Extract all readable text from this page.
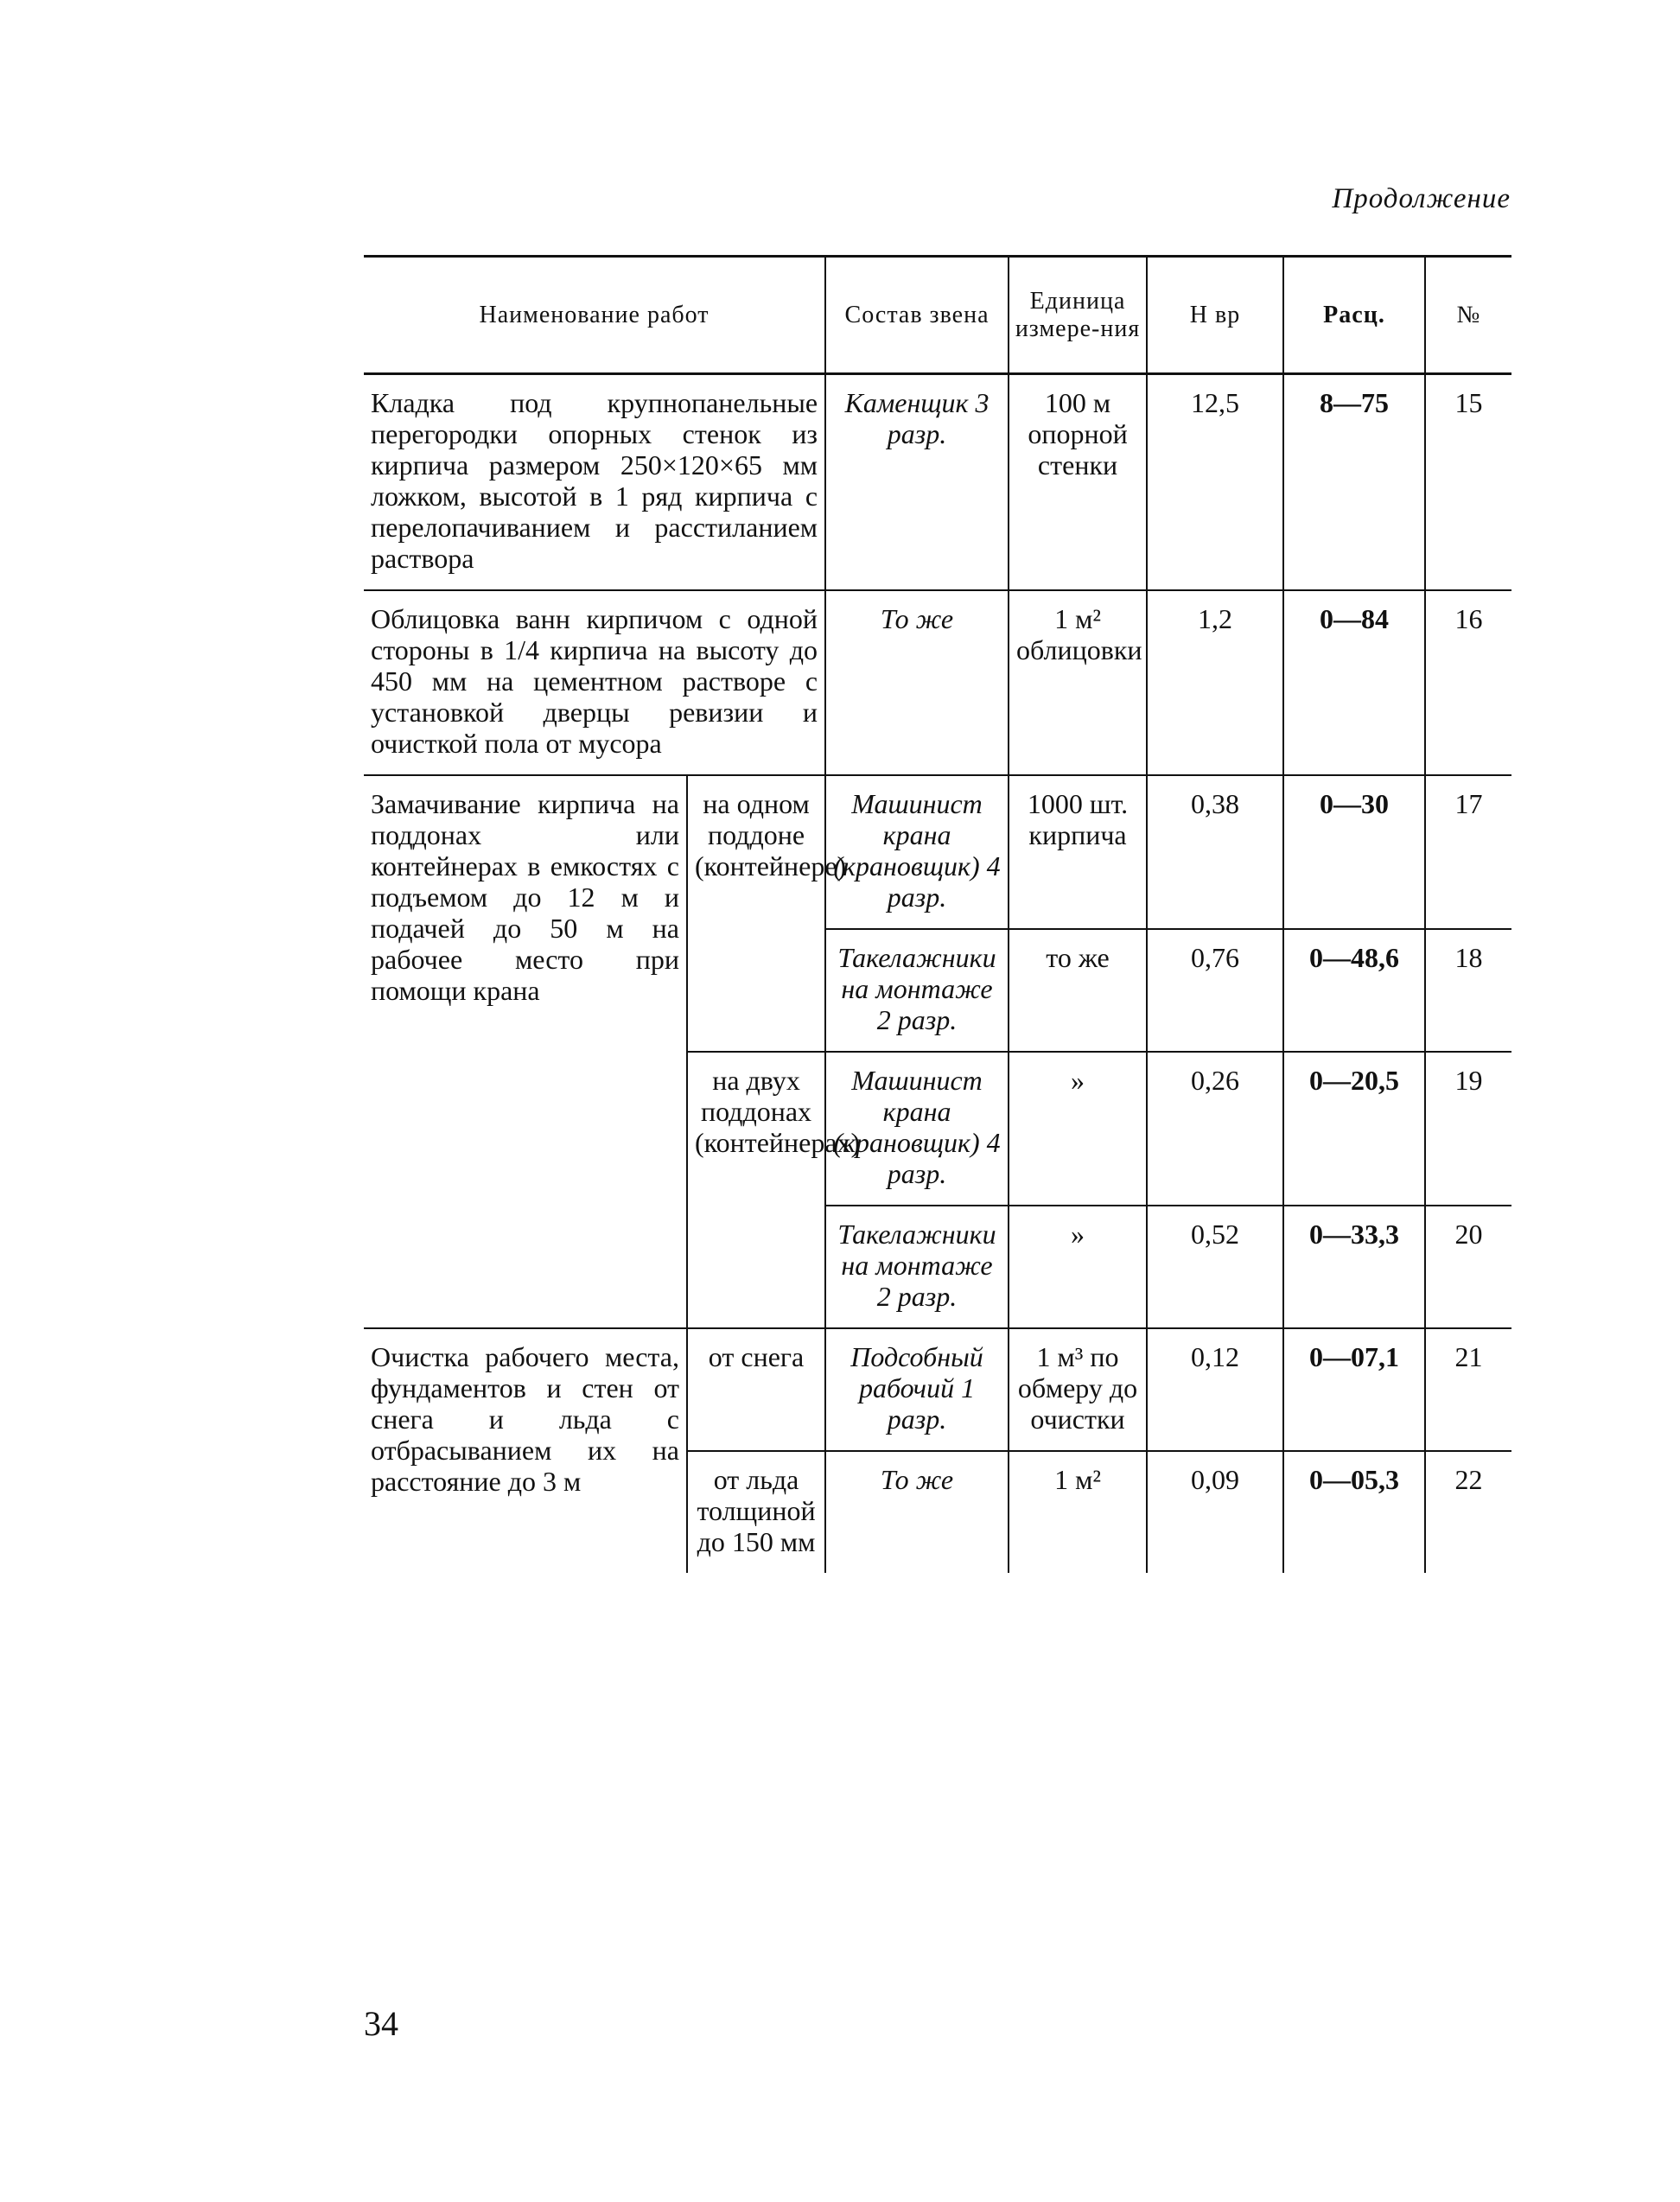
Продолжение
Наименование работ		Состав звена	Единица измере-ния	Н вр	Расц.	№
Кладка под крупнопанельные перегородки опорных стенок из кирпича размером 250×120×65 мм ложком, высотой в 1 ряд кирпича с перелопачиванием и расстиланием раствора		Каменщик 3 разр.	100 м опорной стенки	12,5	8—75	15
Облицовка ванн кирпичом с одной стороны в 1/4 кирпича на высоту до 450 мм на цементном растворе с установкой дверцы ревизии и очисткой пола от мусора		То же	1 м² облицовки	1,2	0—84	16
Замачивание кирпича на поддонах или контейнерах в емкостях с подъемом до 12 м и подачей до 50 м на рабочее место при помощи крана	на одном поддоне (контейнере)	Машинист крана (крановщик) 4 разр.	1000 шт. кирпича	0,38	0—30	17
		Такелажники на монтаже 2 разр.	то же	0,76	0—48,6	18
	на двух поддонах (контейнерах)	Машинист крана (крановщик) 4 разр.	»	0,26	0—20,5	19
		Такелажники на монтаже 2 разр.	»	0,52	0—33,3	20
Очистка рабочего места, фундаментов и стен от снега и льда с отбрасыванием их на расстояние до 3 м	от снега	Подсобный рабочий 1 разр.	1 м³ по обмеру до очистки	0,12	0—07,1	21
	от льда толщиной до 150 мм	То же	1 м²	0,09	0—05,3	22
34
